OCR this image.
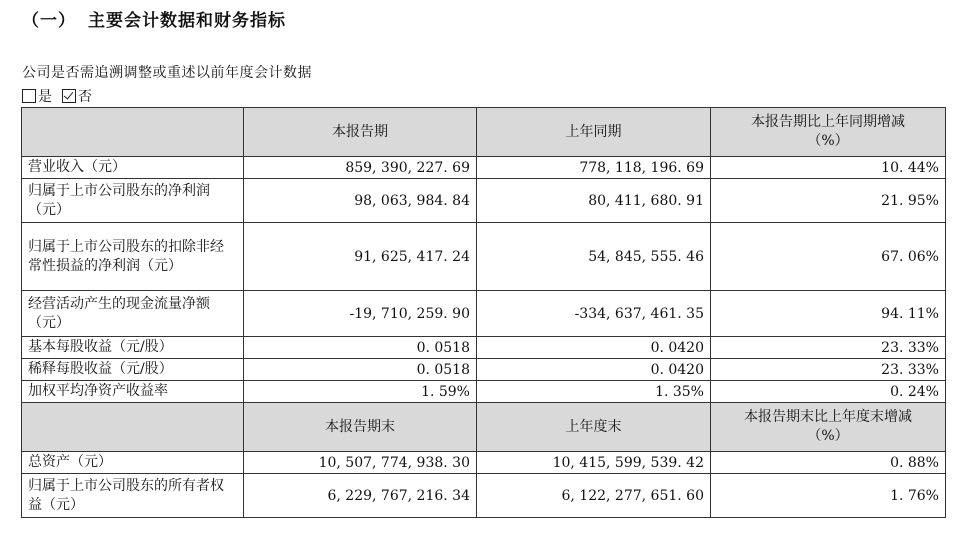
（一） 主要会计数据和财务指标
公司是否需追溯调整或重述以前年度会计数据
是 否
	本报告期	上年同期	本报告期比上年同期增减
（%）

营业收入（元）	859, 390, 227. 69	778, 118, 196. 69	10. 44%
归属于上市公司股东的净利润（元）	98, 063, 984. 84	80, 411, 680. 91	21. 95%
归属于上市公司股东的扣除非经常性损益的净利润（元）	91, 625, 417. 24	54, 845, 555. 46	67. 06%
经营活动产生的现金流量净额（元）	-19, 710, 259. 90	-334, 637, 461. 35	94. 11%
基本每股收益（元/股）	0. 0518	0. 0420	23. 33%
稀释每股收益（元/股）	0. 0518	0. 0420	23. 33%
加权平均净资产收益率	1. 59%	1. 35%	0. 24%
	本报告期末	上年度末	本报告期末比上年度末增减
（%）

总资产（元）	10, 507, 774, 938. 30	10, 415, 599, 539. 42	0. 88%
归属于上市公司股东的所有者权益（元）	6, 229, 767, 216. 34	6, 122, 277, 651. 60	1. 76%
